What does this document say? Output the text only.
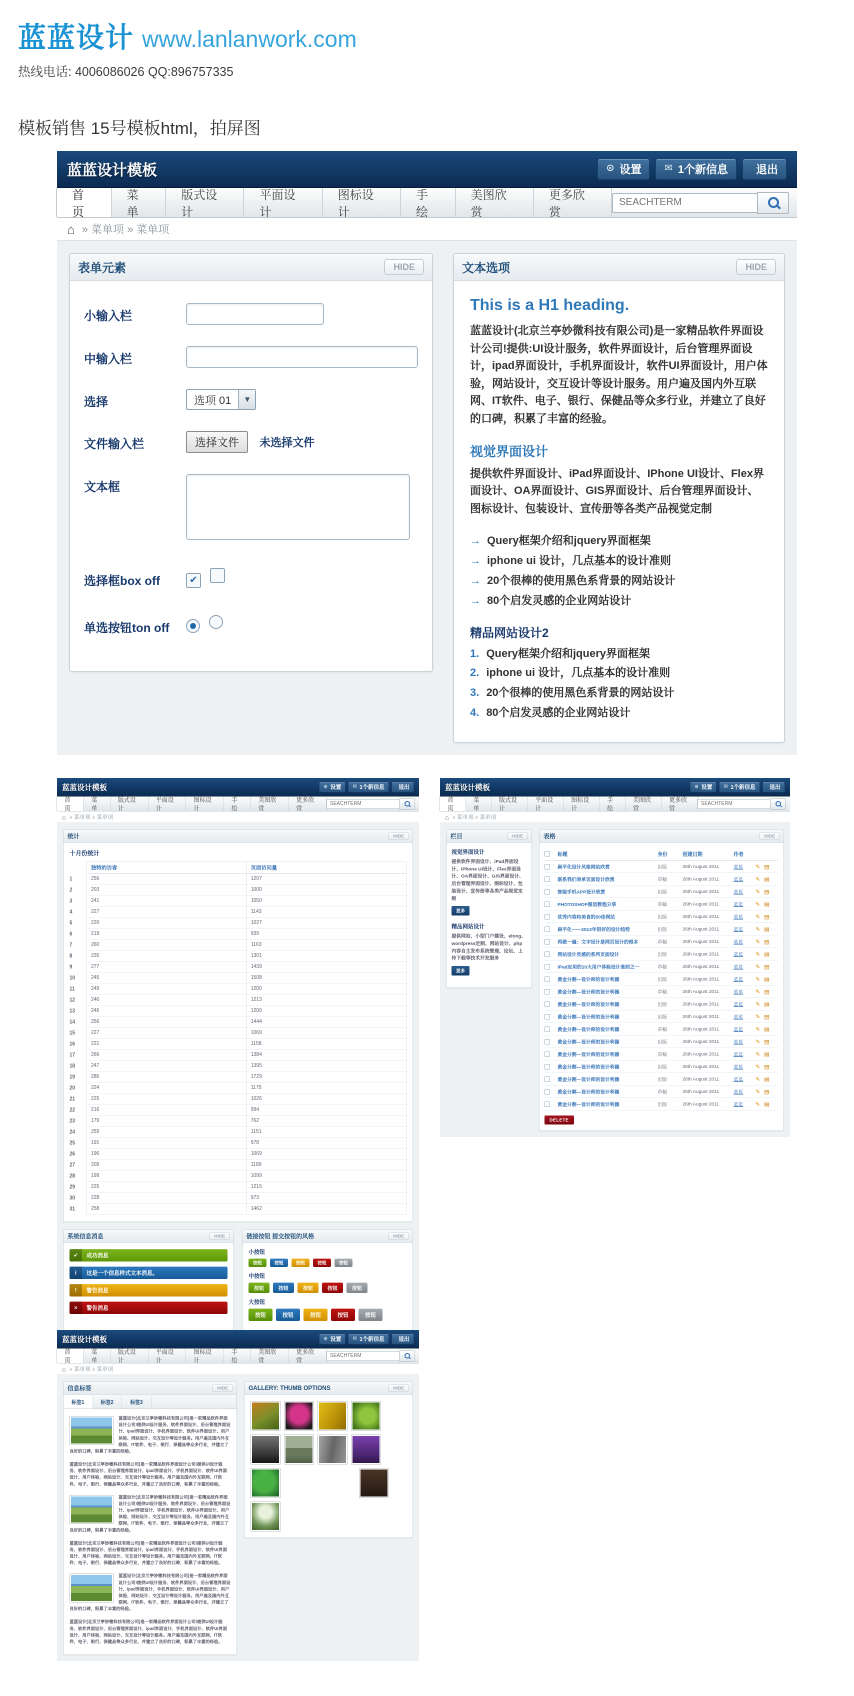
蓝蓝设计 www.lanlanwork.com
热线电话: 4006086026 QQ:896757335
模板销售 15号模板html，拍屏图
蓝蓝设计模板	⊙ 设置 ✉ 1个新信息	退出
首页
菜单
版式设计
平面设计
图标设计
手绘
美图欣赏
更多欣赏
SEACHTERM
⌂ » 菜单项 » 菜单项
表单元素	HIDE
小输入栏
中输入栏
选择	选项 01	▼
文件输入栏	选择文件 未选择文件
文本框
选择框box off	✔
单选按钮ton off

文本选项	HIDE
This is a H1 heading.

蓝蓝设计(北京兰亭妙微科技有限公司)是一家精品软件界面设计公司!提供:UI设计服务，软件界面设计，后台管理界面设计，ipad界面设计，手机界面设计，软件UI界面设计，用户体验，网站设计，交互设计等设计服务。用户遍及国内外互联网、IT软件、电子、银行、保健品等众多行业，并建立了良好的口碑，积累了丰富的经验。

视觉界面设计

提供软件界面设计、iPad界面设计、IPhone UI设计、Flex界面设计、OA界面设计、GIS界面设计、后台管理界面设计、图标设计、包装设计、宣传册等各类产品视觉定制

→ Query框架介绍和jquery界面框架
→ iphone ui 设计，几点基本的设计准则
→ 20个很棒的使用黑色系背景的网站设计
→ 80个启发灵感的企业网站设计
精品网站设计2
Query框架介绍和jquery界面框架
iphone ui 设计，几点基本的设计准则
20个很棒的使用黑色系背景的网站设计
80个启发灵感的企业网站设计
蓝蓝设计模板	⊙ 设置 ✉ 1个新信息 退出
首页
菜单
版式设计
平面设计
图标设计
手绘
美图欣赏
更多欣赏
SEACHTERM
⌂ » 菜单项 » 菜单项
统计	HIDE
十月份统计
独特的访客	页面访问量
1	256	1207
2	203	1000
3	241	1050
4	227	1143
5	220	1027
6	219	939
7	260	1163
8	235	1301
9	277	1439
10	245	1508
11	249	1200
12	240	1213
13	246	1200
14	256	1444
15	227	1069
16	221	1158
17	266	1384
18	247	1395
19	286	1729
20	224	1175
21	225	1026
22	216	994
23	179	762
24	259	1151
25	191	978
26	196	1069
27	209	1189
28	199	1099
29	225	1215
30	228	973
31	258	1462
系统信息消息	HIDE
✔ 成功消息
i 这是一个信息样式文本消息。
! 警告消息
× 警告消息
链接按钮 提交按钮的风格	HIDE
小按钮
按钮	按钮	按钮	按钮	按钮
中按钮
按钮	按钮	按钮	按钮	按钮
大按钮
按钮	按钮	按钮	按钮	按钮
蓝蓝设计模板	⊙ 设置 ✉ 1个新信息 退出
首页
菜单
版式设计
平面设计
图标设计
手绘
美图欣赏
更多欣赏
SEACHTERM
⌂ » 菜单项 » 菜单项
栏目	HIDE
视觉界面设计

提供软件界面设计、iPad界面设计、IPhone UI设计、Flex界面设计、OA界面设计、GIS界面设计、后台管理界面设计、图标设计、包装设计、宣传册等各类产品视觉定制

更多
精品网站设计

提供网站、小型门户建设、elong、wordpress定制、网站设计、php内容自主发布系统管理、论坛、上传下载等技术开发服务

更多
表格	HIDE
标题	身份	创建日期	作者
扁平化设计风格网站欣赏	出版	26th August 2011	蓝蓝	✎ ▤
联系我们表单页面设计欣赏	草稿	26th August 2011	蓝蓝	✎ ▤
智能手机APP设计欣赏	出版	26th August 2011	蓝蓝	✎ ▤
PHOTOSHOP图层教程分享	草稿	26th August 2011	蓝蓝	✎ ▤
优秀内容和美食的50佳网站	出版	26th August 2011	蓝蓝	✎ ▤
扁平化——2013年很好的设计趋势	出版	26th August 2011	蓝蓝	✎ ▤
再做一遍：文字设计是网页设计的根本	草稿	26th August 2011	蓝蓝	✎ ▤
网站设计灵感的系列页面设计	出版	26th August 2011	蓝蓝	✎ ▤
iPad应用的10大用户体验设计准则之一	草稿	26th August 2011	蓝蓝	✎ ▤
黄金分割—设计师的设计利器	出版	26th August 2011	蓝蓝	✎ ▤
黄金分割—设计师的设计利器	草稿	26th August 2011	蓝蓝	✎ ▤
黄金分割—设计师的设计利器	出版	26th August 2011	蓝蓝	✎ ▤
黄金分割—设计师的设计利器	出版	26th August 2011	蓝蓝	✎ ▤
黄金分割—设计师的设计利器	草稿	26th August 2011	蓝蓝	✎ ▤
黄金分割—设计师的设计利器	出版	26th August 2011	蓝蓝	✎ ▤
黄金分割—设计师的设计利器	草稿	26th August 2011	蓝蓝	✎ ▤
黄金分割—设计师的设计利器	出版	26th August 2011	蓝蓝	✎ ▤
黄金分割—设计师的设计利器	出版	26th August 2011	蓝蓝	✎ ▤
黄金分割—设计师的设计利器	草稿	26th August 2011	蓝蓝	✎ ▤
黄金分割—设计师的设计利器	出版	26th August 2011	蓝蓝	✎ ▤
DELETE
蓝蓝设计模板	⊙ 设置 ✉ 1个新信息 退出
首页
菜单
版式设计
平面设计
图标设计
手绘
美图欣赏
更多欣赏
SEACHTERM
⌂ » 菜单项 » 菜单项
信息标签	HIDE
标签1	标签2	标签3
蓝蓝设计(北京兰亭妙微科技有限公司)是一家精品软件界面设计公司!提供UI设计服务、软件界面设计、后台管理界面设计、ipad界面设计、手机界面设计、软件UI界面设计、用户体验、网站设计、交互设计等设计服务。用户遍及国内外互联网、IT软件、电子、银行、保健品等众多行业，并建立了良好的口碑，积累了丰富的经验。
蓝蓝设计(北京兰亭妙微科技有限公司)是一家精品软件界面设计公司!提供UI设计服务、软件界面设计、后台管理界面设计、ipad界面设计、手机界面设计、软件UI界面设计、用户体验、网站设计、交互设计等设计服务。用户遍及国内外互联网、IT软件、电子、银行、保健品等众多行业，并建立了良好的口碑，积累了丰富的经验。
蓝蓝设计(北京兰亭妙微科技有限公司)是一家精品软件界面设计公司!提供UI设计服务、软件界面设计、后台管理界面设计、ipad界面设计、手机界面设计、软件UI界面设计、用户体验、网站设计、交互设计等设计服务。用户遍及国内外互联网、IT软件、电子、银行、保健品等众多行业，并建立了良好的口碑，积累了丰富的经验。
蓝蓝设计(北京兰亭妙微科技有限公司)是一家精品软件界面设计公司!提供UI设计服务、软件界面设计、后台管理界面设计、ipad界面设计、手机界面设计、软件UI界面设计、用户体验、网站设计、交互设计等设计服务。用户遍及国内外互联网、IT软件、电子、银行、保健品等众多行业，并建立了良好的口碑，积累了丰富的经验。
蓝蓝设计(北京兰亭妙微科技有限公司)是一家精品软件界面设计公司!提供UI设计服务、软件界面设计、后台管理界面设计、ipad界面设计、手机界面设计、软件UI界面设计、用户体验、网站设计、交互设计等设计服务。用户遍及国内外互联网、IT软件、电子、银行、保健品等众多行业，并建立了良好的口碑，积累了丰富的经验。
蓝蓝设计(北京兰亭妙微科技有限公司)是一家精品软件界面设计公司!提供UI设计服务、软件界面设计、后台管理界面设计、ipad界面设计、手机界面设计、软件UI界面设计、用户体验、网站设计、交互设计等设计服务。用户遍及国内外互联网、IT软件、电子、银行、保健品等众多行业，并建立了良好的口碑，积累了丰富的经验。
GALLERY: THUMB OPTIONS	HIDE
